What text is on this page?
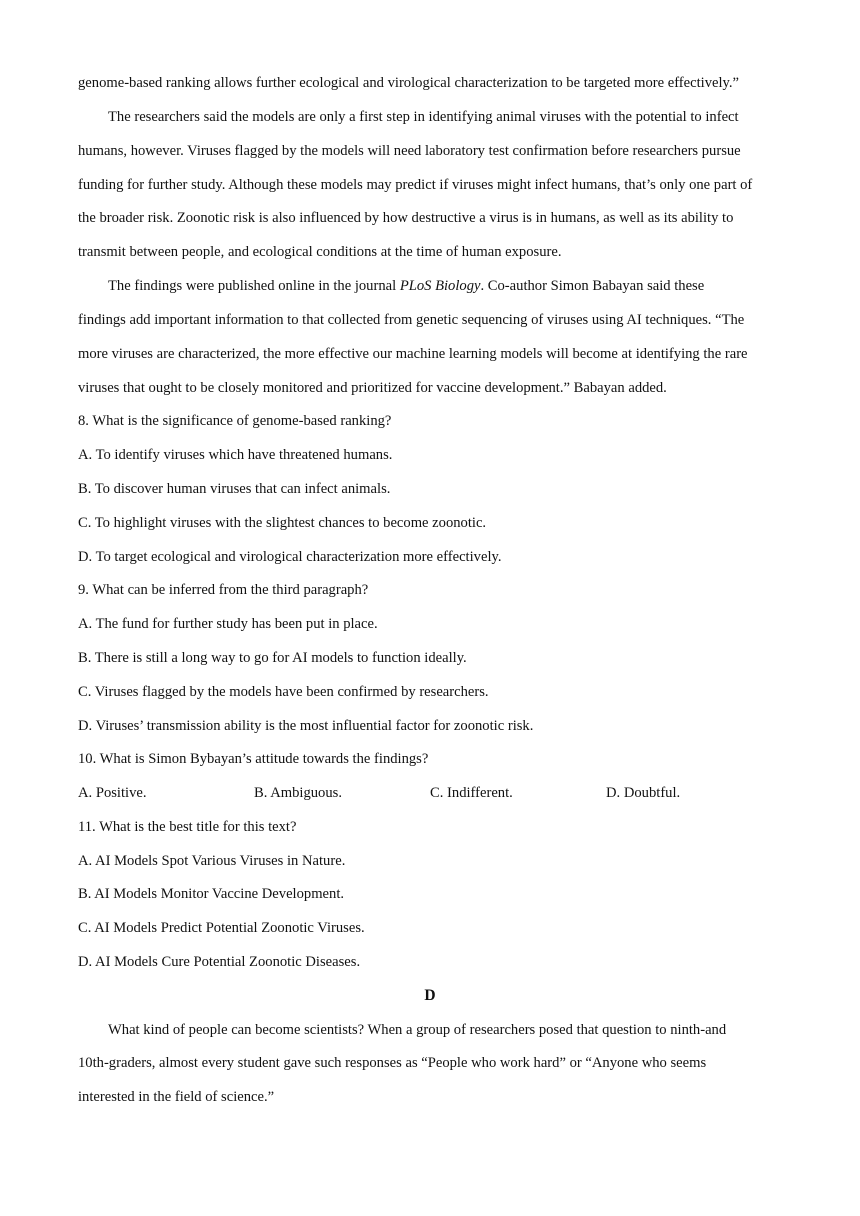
genome-based ranking allows further ecological and virological characterization to be targeted more effectively.”
The researchers said the models are only a first step in identifying animal viruses with the potential to infect
humans, however. Viruses flagged by the models will need laboratory test confirmation before researchers pursue
funding for further study. Although these models may predict if viruses might infect humans, that’s only one part of
the broader risk. Zoonotic risk is also influenced by how destructive a virus is in humans, as well as its ability to
transmit between people, and ecological conditions at the time of human exposure.
The findings were published online in the journal PLoS Biology. Co-author Simon Babayan said these
findings add important information to that collected from genetic sequencing of viruses using AI techniques. “The
more viruses are characterized, the more effective our machine learning models will become at identifying the rare
viruses that ought to be closely monitored and prioritized for vaccine development.” Babayan added.
8. What is the significance of genome-based ranking?
A. To identify viruses which have threatened humans.
B. To discover human viruses that can infect animals.
C. To highlight viruses with the slightest chances to become zoonotic.
D. To target ecological and virological characterization more effectively.
9. What can be inferred from the third paragraph?
A. The fund for further study has been put in place.
B. There is still a long way to go for AI models to function ideally.
C. Viruses flagged by the models have been confirmed by researchers.
D. Viruses’ transmission ability is the most influential factor for zoonotic risk.
10. What is Simon Bybayan’s attitude towards the findings?
A. Positive.	B. Ambiguous.	C. Indifferent.	D. Doubtful.
11. What is the best title for this text?
A. AI Models Spot Various Viruses in Nature.
B. AI Models Monitor Vaccine Development.
C. AI Models Predict Potential Zoonotic Viruses.
D. AI Models Cure Potential Zoonotic Diseases.
D
What kind of people can become scientists? When a group of researchers posed that question to ninth-and
10th-graders, almost every student gave such responses as “People who work hard” or “Anyone who seems
interested in the field of science.”
